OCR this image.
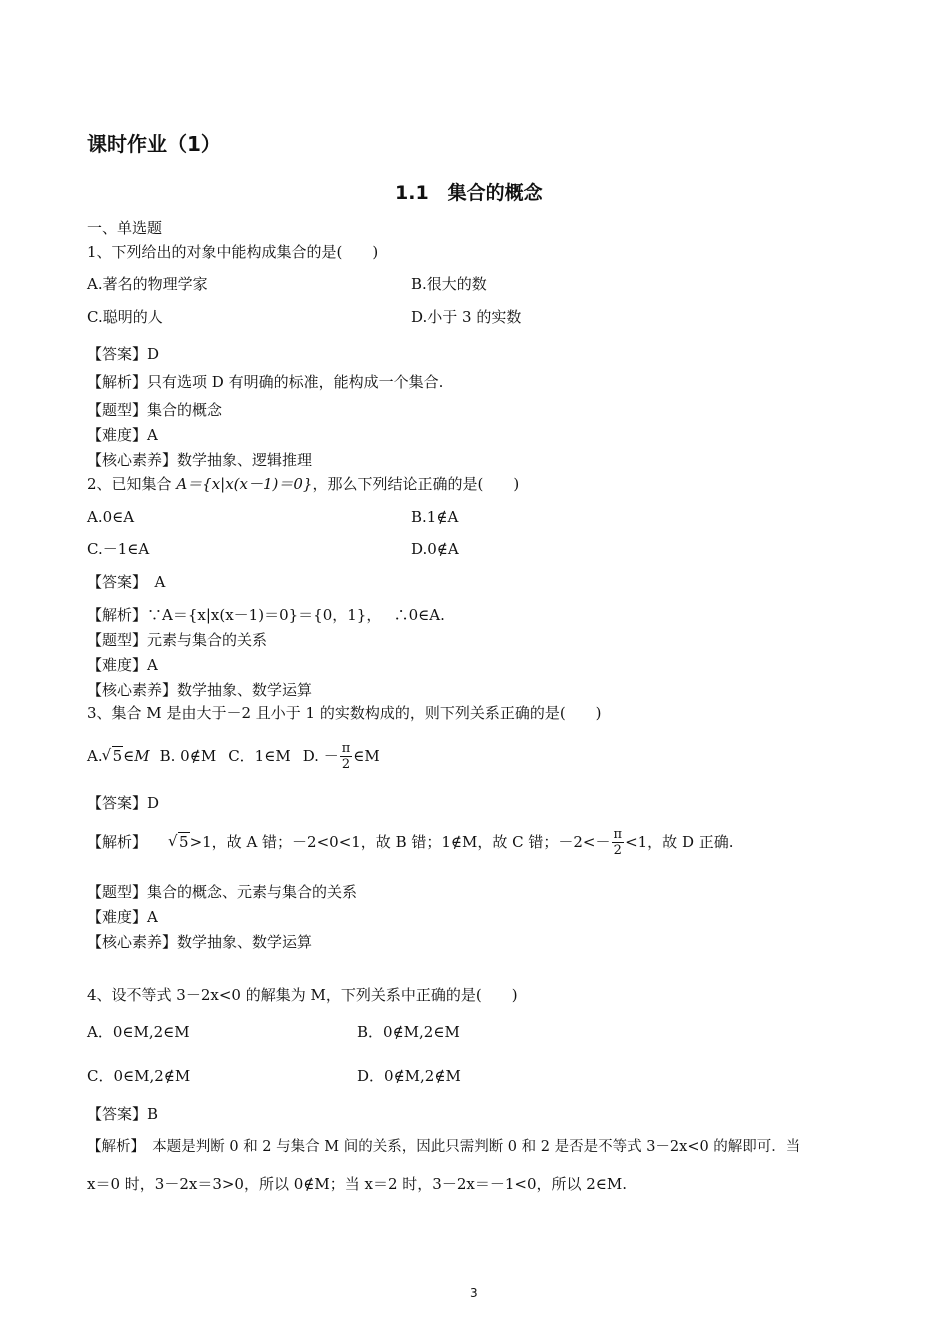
课时作业（1）
1.1　集合的概念
一、单选题
1、下列给出的对象中能构成集合的是(　　)
A.著名的物理学家	B.很大的数
C.聪明的人	D.小于 3 的实数
【答案】D
【解析】只有选项 D 有明确的标准，能构成一个集合.
【题型】集合的概念
【难度】A
【核心素养】数学抽象、逻辑推理
2、已知集合 A＝{x|x(x－1)＝0}，那么下列结论正确的是(　　)
A.0∈A	B.1∉A
C.－1∈A	D.0∉A
【答案】　A
【解析】∵A＝{x|x(x－1)＝0}＝{0，1}，　 ∴0∈A.
【题型】元素与集合的关系
【难度】A
【核心素养】数学抽象、数学运算
3、集合 M 是由大于－2 且小于 1 的实数构成的，则下列关系正确的是(　　)
A. √ 5 ∈M B. 0∉M C．1∈M D. － $\frac{\pi}{2}$ ∈M
【答案】D
【解析】	√ 5 >1，故 A 错；－2<0<1，故 B 错；1∉M，故 C 错；$-2<- \frac{\pi}{2} <1$，故 D 正确.
【题型】集合的概念、元素与集合的关系
【难度】A
【核心素养】数学抽象、数学运算
4、设不等式 3－2x<0 的解集为 M，下列关系中正确的是(　　)
A．0∈M,2∈M	B．0∉M,2∈M
C．0∈M,2∉M	D．0∉M,2∉M
【答案】B
【解析】　本题是判断 0 和 2 与集合 M 间的关系，因此只需判断 0 和 2 是否是不等式 3－2x<0 的解即可．当
x＝0 时，3－2x＝3>0，所以 0∉M；当 x＝2 时，3－2x＝－1<0，所以 2∈M.
3
